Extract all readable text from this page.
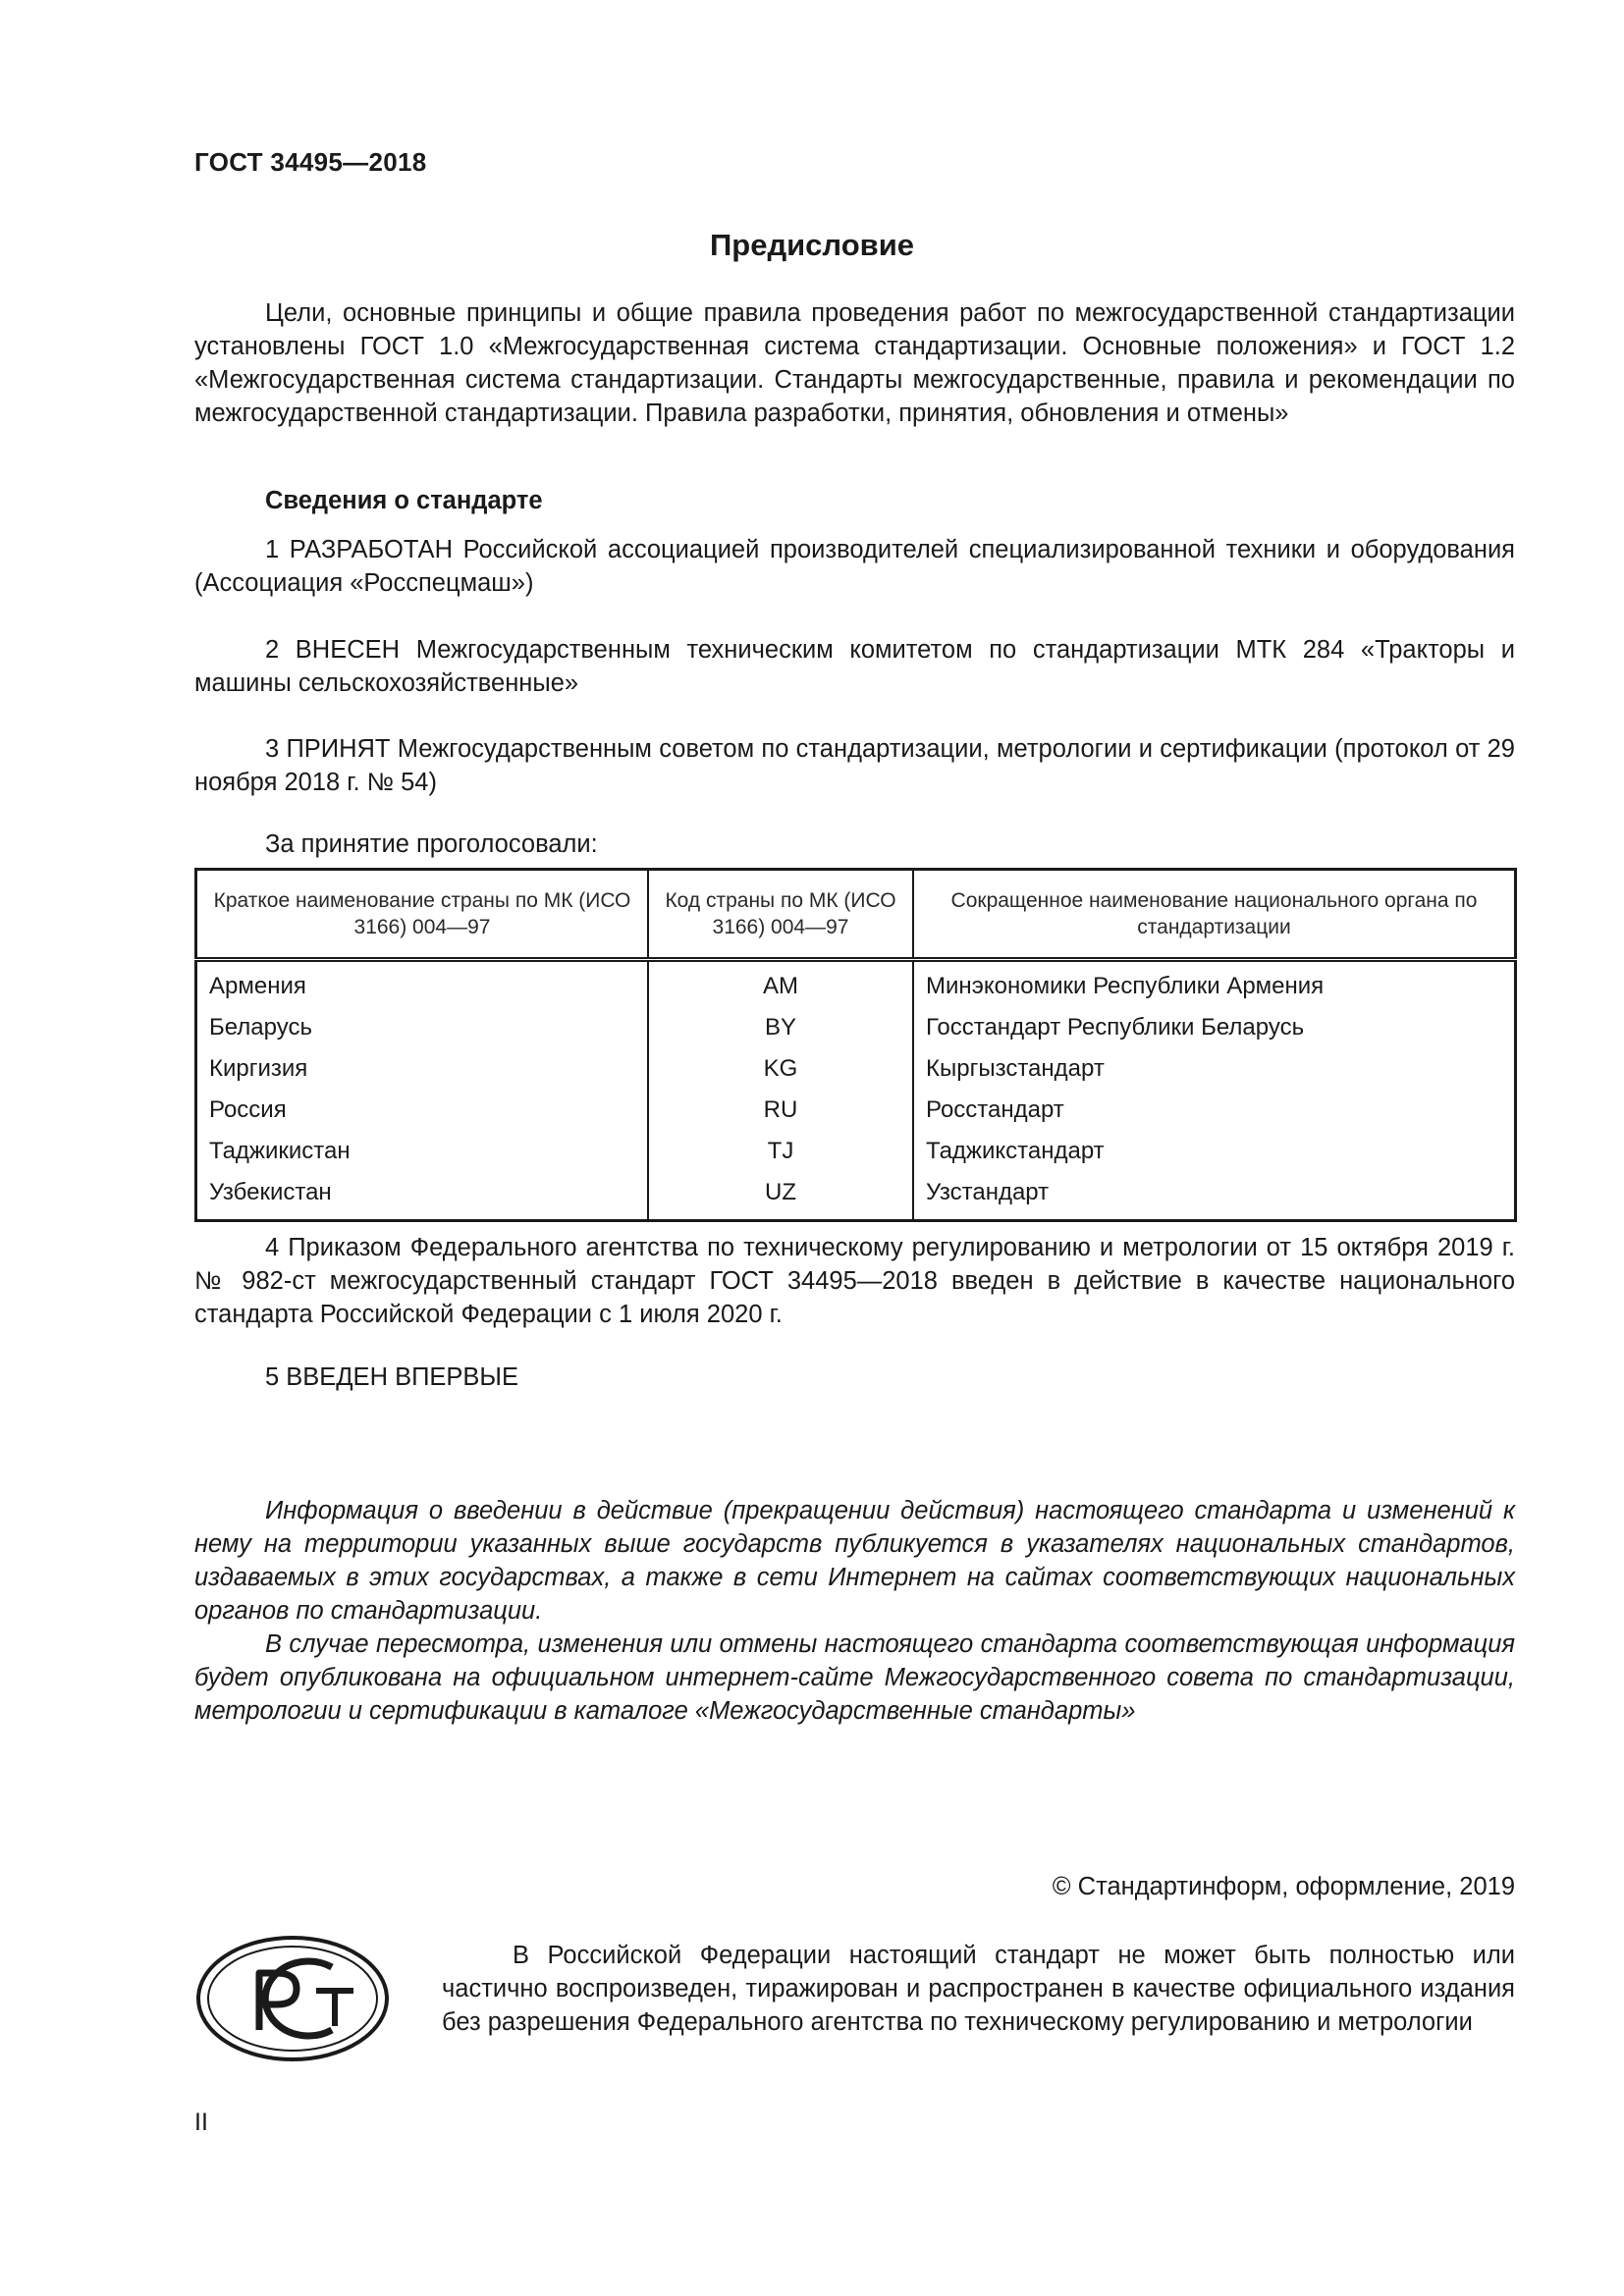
ГОСТ 34495—2018
Предисловие

Цели, основные принципы и общие правила проведения работ по межгосударственной стандартизации установлены ГОСТ 1.0 «Межгосударственная система стандартизации. Основные положения» и ГОСТ 1.2 «Межгосударственная система стандартизации. Стандарты межгосударственные, правила и рекомендации по межгосударственной стандартизации. Правила разработки, принятия, обновления и отмены»

Сведения о стандарте

1 РАЗРАБОТАН Российской ассоциацией производителей специализированной техники и оборудования (Ассоциация «Росспецмаш»)

2 ВНЕСЕН Межгосударственным техническим комитетом по стандартизации МТК 284 «Тракторы и машины сельскохозяйственные»

3 ПРИНЯТ Межгосударственным советом по стандартизации, метрологии и сертификации (протокол от 29 ноября 2018 г. № 54)

За принятие проголосовали:
Краткое наименование страны по МК (ИСО 3166) 004—97	Код страны по МК (ИСО 3166) 004—97	Сокращенное наименование национального органа по стандартизации
Армения	AM	Минэкономики Республики Армения
Беларусь	BY	Госстандарт Республики Беларусь
Киргизия	KG	Кыргызстандарт
Россия	RU	Росстандарт
Таджикистан	TJ	Таджикстандарт
Узбекистан	UZ	Узстандарт

4 Приказом Федерального агентства по техническому регулированию и метрологии от 15 октября 2019 г. № 982-ст межгосударственный стандарт ГОСТ 34495—2018 введен в действие в качестве национального стандарта Российской Федерации с 1 июля 2020 г.

5 ВВЕДЕН ВПЕРВЫЕ

Информация о введении в действие (прекращении действия) настоящего стандарта и изменений к нему на территории указанных выше государств публикуется в указателях национальных стандартов, издаваемых в этих государствах, а также в сети Интернет на сайтах соответствующих национальных органов по стандартизации.

В случае пересмотра, изменения или отмены настоящего стандарта соответствующая информация будет опубликована на официальном интернет-сайте Межгосударственного совета по стандартизации, метрологии и сертификации в каталоге «Межгосударственные стандарты»

© Стандартинформ, оформление, 2019

В Российской Федерации настоящий стандарт не может быть полностью или частично воспроизведен, тиражирован и распространен в качестве официального издания без разрешения Федерального агентства по техническому регулированию и метрологии

II
